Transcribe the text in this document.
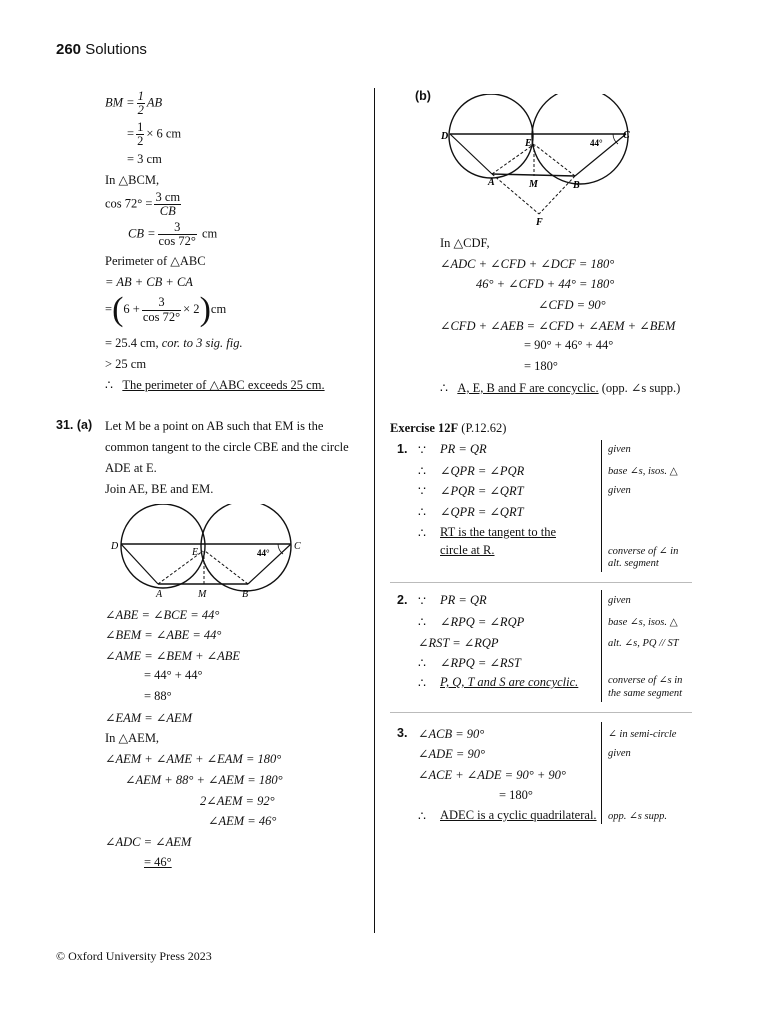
260 Solutions
BM = $\frac{1}{2}$ AB
= $\frac{1}{2} \times 6$ cm
= 3 cm
In △BCM,
$\cos 72^\circ = \frac{3 cm}{CB}$
CB = $\frac{3}{\cos 72^\circ}$ cm
Perimeter of △ABC
= AB + CB + CA
$=(6 + \frac{3}{\cos 72^\circ} \times 2)cm$
= 25.4 cm, cor. to 3 sig. fig.
> 25 cm
∴ The perimeter of △ABC exceeds 25 cm.
31. (a) Let M be a point on AB such that EM is the
common tangent to the circle CBE and the circle
ADE at E.
Join AE, BE and EM.
D
E
C
A	M	B
44°
∠ABE = ∠BCE = 44°
∠BEM = ∠ABE = 44°
∠AME = ∠BEM + ∠ABE
= 44° + 44°
= 88°
∠EAM = ∠AEM
In △AEM,
∠AEM + ∠AME + ∠EAM = 180°
∠AEM + 88° + ∠AEM = 180°
2∠AEM = 92°
∠AEM = 46°
∠ADC = ∠AEM
= 46°
(b)
D
E
C
A	M	B
F
44°
In △CDF,
∠ADC + ∠CFD + ∠DCF = 180°
46° + ∠CFD + 44° = 180°
∠CFD = 90°
∠CFD + ∠AEB = ∠CFD + ∠AEM + ∠BEM
= 90° + 46° + 44°
= 180°
∴ A, E, B and F are concyclic. (opp. ∠s supp.)
Exercise 12F (P.12.62)
1. ∵ PR = QR	given
∴ ∠QPR = ∠PQR	base ∠s, isos. △
∵ ∠PQR = ∠QRT	given
∴ ∠QPR = ∠QRT
∴ RT is the tangent to the
circle at R.	converse of ∠ in
alt. segment
2. ∵ PR = QR	given
∴ ∠RPQ = ∠RQP	base ∠s, isos. △
∠RST = ∠RQP	alt. ∠s, PQ // ST
∴ ∠RPQ = ∠RST
∴ P, Q, T and S are concyclic.	converse of ∠s in
the same segment
3. ∠ACB = 90°	∠ in semi-circle
∠ADE = 90°	given
∠ACE + ∠ADE = 90° + 90°
= 180°
∴ ADEC is a cyclic quadrilateral. opp. ∠s supp.
© Oxford University Press 2023
